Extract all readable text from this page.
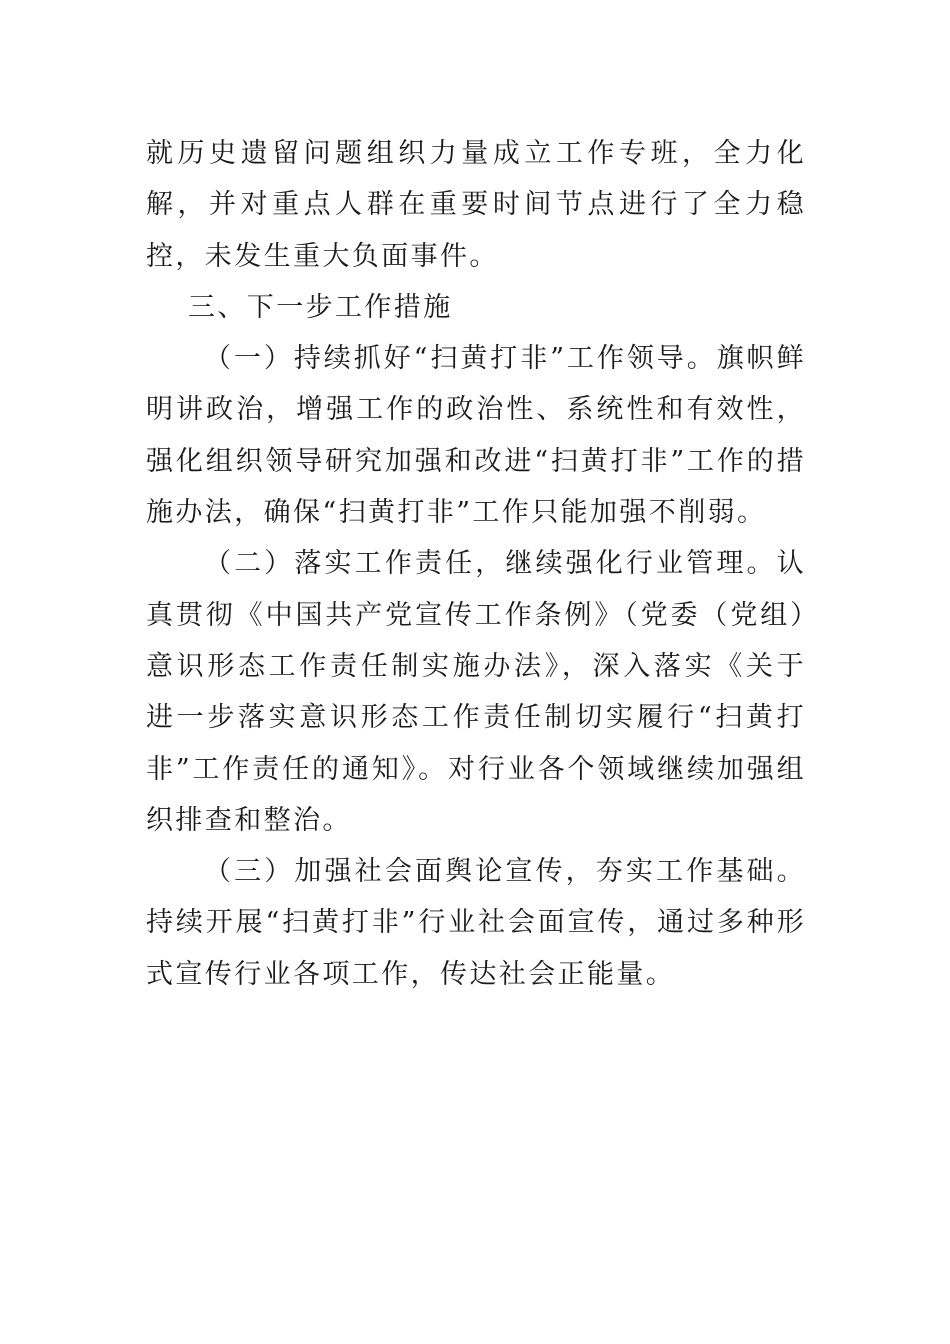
就历史遗留问题组织力量成立工作专班，全力化解，并对重点人群在重要时间节点进行了全力稳控，未发生重大负面事件。

三、下一步工作措施

（一）持续抓好“扫黄打非”工作领导。旗帜鲜明讲政治，增强工作的政治性、系统性和有效性，强化组织领导研究加强和改进“扫黄打非”工作的措施办法，确保“扫黄打非”工作只能加强不削弱。

（二）落实工作责任，继续强化行业管理。认真贯彻《中国共产党宣传工作条例》（党委（党组）意识形态工作责任制实施办法》，深入落实《关于进一步落实意识形态工作责任制切实履行“扫黄打非”工作责任的通知》。对行业各个领域继续加强组织排查和整治。

（三）加强社会面舆论宣传，夯实工作基础。持续开展“扫黄打非”行业社会面宣传，通过多种形式宣传行业各项工作，传达社会正能量。
